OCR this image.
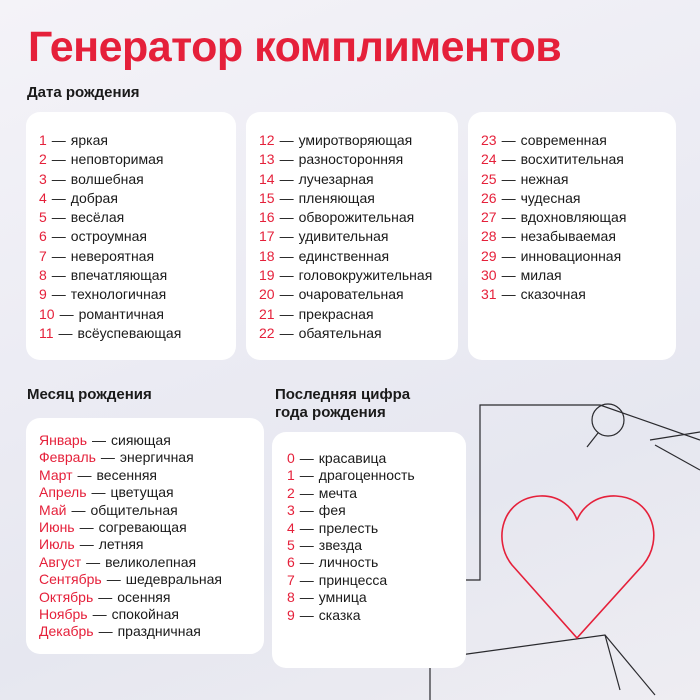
Генератор комплиментов
Дата рождения
1 — яркая
2 — неповторимая
3 — волшебная
4 — добрая
5 — весёлая
6 — остроумная
7 — невероятная
8 — впечатляющая
9 — технологичная
10 — романтичная
11 — всёуспевающая
12 — умиротворяющая
13 — разносторонняя
14 — лучезарная
15 — пленяющая
16 — обворожительная
17 — удивительная
18 — единственная
19 — головокружительная
20 — очаровательная
21 — прекрасная
22 — обаятельная
23 — современная
24 — восхитительная
25 — нежная
26 — чудесная
27 — вдохновляющая
28 — незабываемая
29 — инновационная
30 — милая
31 — сказочная
Месяц рождения
Январь — сияющая
Февраль — энергичная
Март — весенняя
Апрель — цветущая
Май — общительная
Июнь — согревающая
Июль — летняя
Август — великолепная
Сентябрь — шедевральная
Октябрь — осенняя
Ноябрь — спокойная
Декабрь — праздничная
Последняя цифра года рождения
0 — красавица
1 — драгоценность
2 — мечта
3 — фея
4 — прелесть
5 — звезда
6 — личность
7 — принцесса
8 — умница
9 — сказка
